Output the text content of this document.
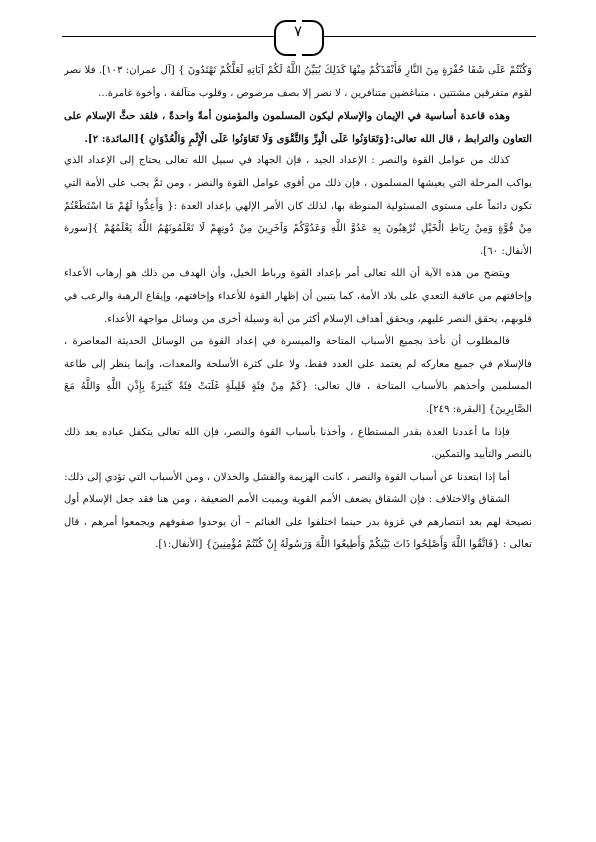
٧

وَكُنْتُمْ عَلَى شَفَا حُفْرَةٍ مِنَ النَّارِ فَأَنْقَذَكُمْ مِنْهَا كَذَلِكَ يُبَيِّنُ اللَّهُ لَكُمْ آيَاتِهِ لَعَلَّكُمْ تَهْتَدُونَ } [آل عمران: ١٠٣]. فلا نصر لقوم متفرقين مشتتين ، متباغضين متنافرين ، لا نصر إلا بصف مرصوص ، وقلوب متآلفة ، وأخوة غامرة...

وهذه قاعدة أساسية في الإيمان والإسلام ليكون المسلمون والمؤمنون أمةً واحدةً ، فلقد حثَّ الإسلام على التعاون والترابط ، قال الله تعالى:{وَتَعَاوَنُوا عَلَى الْبِرِّ وَالتَّقْوَى وَلَا تَعَاوَنُوا عَلَى الْإِثْمِ وَالْعُدْوَانِ }[المائدة: ٢].

كذلك من عوامل القوة والنصر : الإعداد الجيد ، فإن الجهاد في سبيل الله تعالى يحتاج إلى الإعداد الذي يواكب المرحلة التي يعيشها المسلمون ، فإن ذلك من أقوى عوامل القوة والنصر ، ومن ثمَّ يجب على الأمة التي تكون دائماً على مستوى المسئولية المنوطة بها، لذلك كان الأمر الإلهي بإعداد العدة :{ وَأَعِدُّوا لَهُمْ مَا اسْتَطَعْتُمْ مِنْ قُوَّةٍ وَمِنْ رِبَاطِ الْخَيْلِ تُرْهِبُونَ بِهِ عَدُوَّ اللَّهِ وَعَدُوَّكُمْ وَآخَرِينَ مِنْ دُونِهِمْ لَا تَعْلَمُونَهُمُ اللَّهُ يَعْلَمُهُمْ }[سورة الأنفال: ٦٠].

ويتضح من هذه الآية أن الله تعالى أمر بإعداد القوة ورباط الخيل، وأن الهدف من ذلك هو إرهاب الأعداء وإخافتهم من عاقبة التعدي على بلاد الأمة، كما يتبين أن إظهار القوة للأعداء وإخافتهم، وإيقاع الرهبة والرعب في قلوبهم، يحقق النصر عليهم، ويحقق أهداف الإسلام أكثر من أية وسيلة أخرى من وسائل مواجهة الأعداء.

فالمطلوب أن نأخذ بجميع الأسباب المتاحة والميسرة في إعداد القوة من الوسائل الحديثة المعاصرة ، فالإسلام في جميع معاركه لم يعتمد على العدد فقط، ولا على كثرة الأسلحة والمعدات، وإنما ينظر إلى طاعة المسلمين وأخذهم بالأسباب المتاحة ، قال تعالى: {كَمْ مِنْ فِئَةٍ قَلِيلَةٍ غَلَبَتْ فِئَةً كَثِيرَةً بِإِذْنِ اللَّهِ وَاللَّهُ مَعَ الصَّابِرِينَ} [البقرة: ٢٤٩].

فإذا ما أعددنا العدة بقدر المستطاع ، وأخذنا بأسباب القوة والنصر، فإن الله تعالى يتكفل عباده بعد ذلك بالنصر والتأييد والتمكين.

أما إذا ابتعدنا عن أسباب القوة والنصر ، كانت الهزيمة والفشل والخذلان ، ومن الأسباب التي تؤدي إلى ذلك:

الشقاق والاختلاف : فإن الشقاق يضعف الأمم القوية ويميت الأمم الضعيفة ، ومن هنا فقد جعل الإسلام أول نصيحة لهم بعد انتصارهم في غزوة بدر حينما اختلفوا على الغنائم – أن يوحدوا صفوفهم ويجمعوا أمرهم ، قال تعالى : {فَاتَّقُوا اللَّهَ وَأَصْلِحُوا ذَاتَ بَيْنِكُمْ وَأَطِيعُوا اللَّهَ وَرَسُولَهُ إِنْ كُنْتُمْ مُؤْمِنِينَ} [الأنفال:١].
